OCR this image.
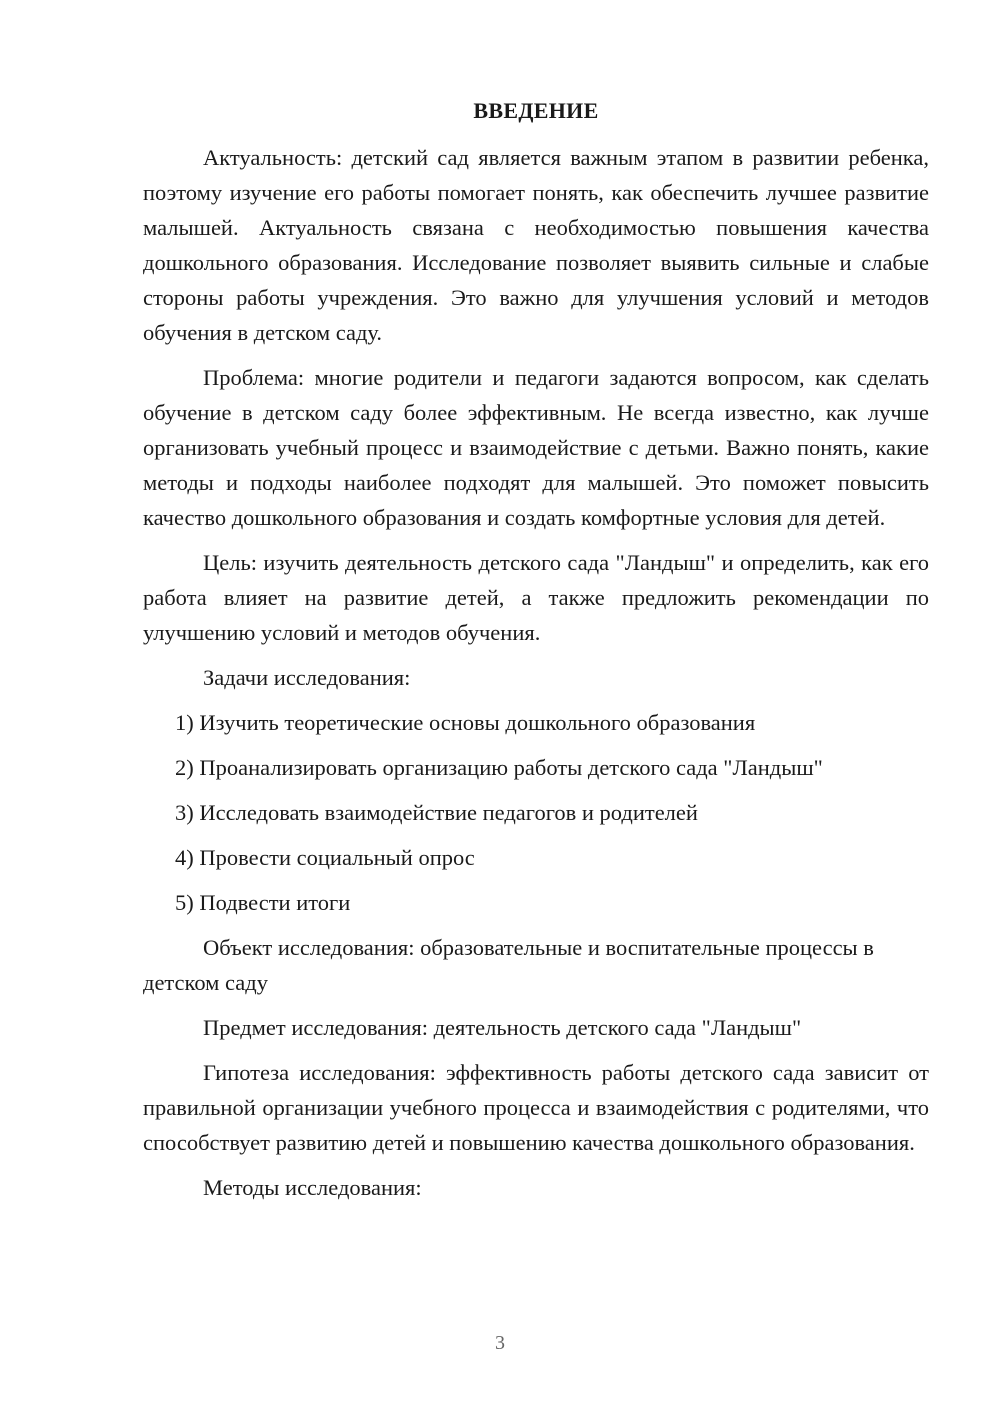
ВВЕДЕНИЕ

Актуальность: детский сад является важным этапом в развитии ребенка, поэтому изучение его работы помогает понять, как обеспечить лучшее развитие малышей. Актуальность связана с необходимостью повышения качества дошкольного образования. Исследование позволяет выявить сильные и слабые стороны работы учреждения. Это важно для улучшения условий и методов обучения в детском саду.

Проблема: многие родители и педагоги задаются вопросом, как сделать обучение в детском саду более эффективным. Не всегда известно, как лучше организовать учебный процесс и взаимодействие с детьми. Важно понять, какие методы и подходы наиболее подходят для малышей. Это поможет повысить качество дошкольного образования и создать комфортные условия для детей.

Цель: изучить деятельность детского сада "Ландыш" и определить, как его работа влияет на развитие детей, а также предложить рекомендации по улучшению условий и методов обучения.

Задачи исследования:

1) Изучить теоретические основы дошкольного образования
2) Проанализировать организацию работы детского сада "Ландыш"
3) Исследовать взаимодействие педагогов и родителей
4) Провести социальный опрос
5) Подвести итоги

Объект исследования: образовательные и воспитательные процессы в детском саду

Предмет исследования: деятельность детского сада "Ландыш"

Гипотеза исследования: эффективность работы детского сада зависит от правильной организации учебного процесса и взаимодействия с родителями, что способствует развитию детей и повышению качества дошкольного образования.

Методы исследования:

3
